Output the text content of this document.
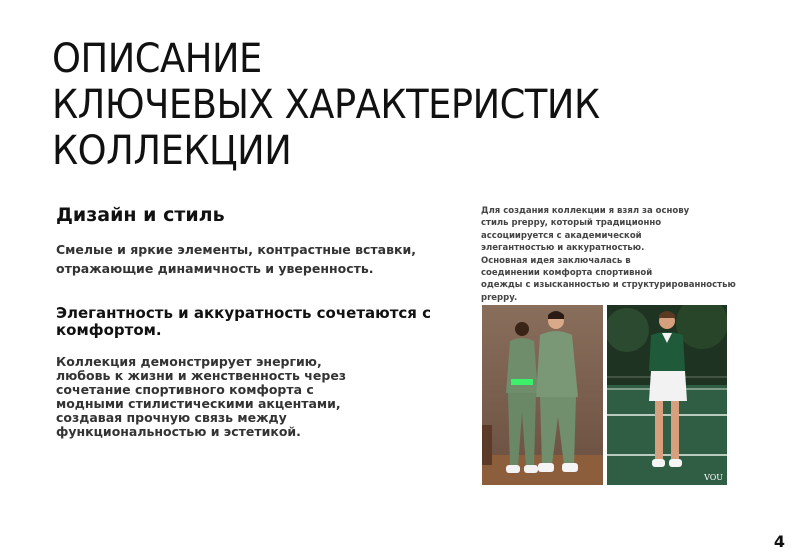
ОПИСАНИЕ
КЛЮЧЕВЫХ ХАРАКТЕРИСТИК
КОЛЛЕКЦИИ
Дизайн и стиль

Смелые и яркие элементы, контрастные вставки, отражающие динамичность и уверенность.

Элегантность и аккуратность сочетаются с комфортом.

Коллекция демонстрирует энергию, любовь к жизни и женственность через сочетание спортивного комфорта с модными стилистическими акцентами, создавая прочную связь между функциональностью и эстетикой.

Для создания коллекции я взял за основу
стиль preppy, который традиционно
ассоциируется с академической
элегантностью и аккуратностью.
Основная идея заключалась в
соединении комфорта спортивной
одежды с изысканностью и структурированностью
preppy.

VOU
4
